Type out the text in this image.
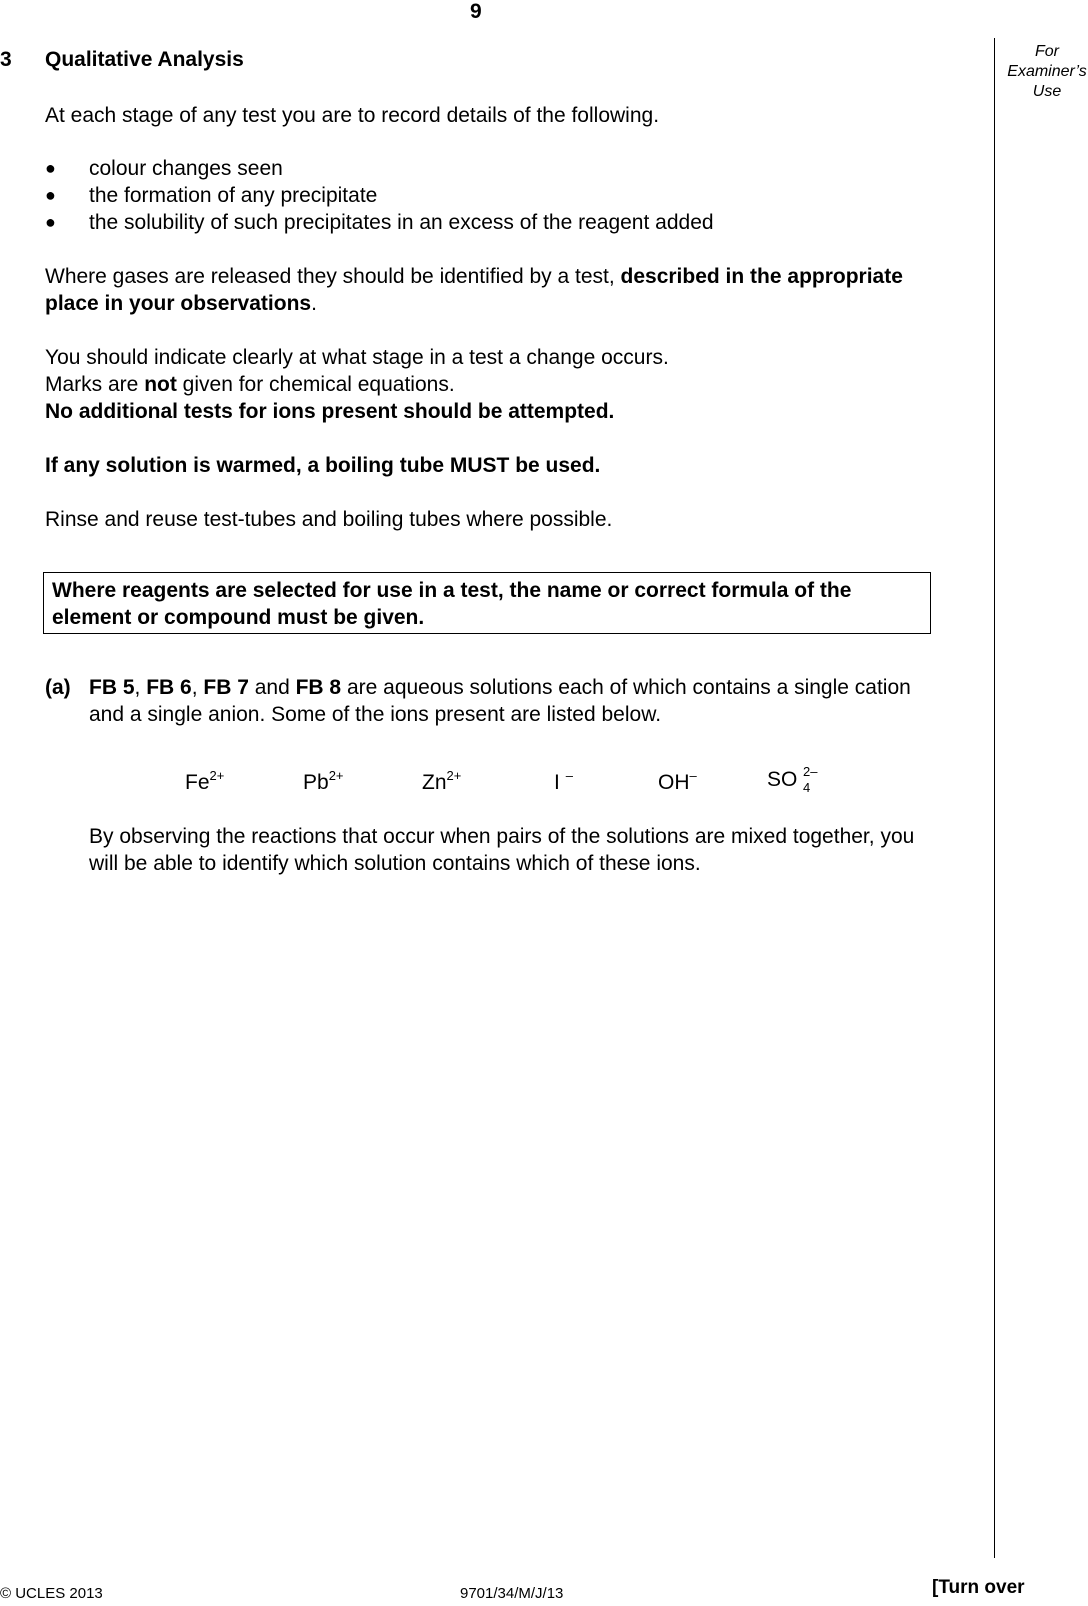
9
For
Examiner’s
Use
3 Qualitative Analysis
At each stage of any test you are to record details of the following.
● colour changes seen
● the formation of any precipitate
● the solubility of such precipitates in an excess of the reagent added
Where gases are released they should be identified by a test, described in the appropriate
place in your observations.
You should indicate clearly at what stage in a test a change occurs.
Marks are not given for chemical equations.
No additional tests for ions present should be attempted.
If any solution is warmed, a boiling tube MUST be used.
Rinse and reuse test-tubes and boiling tubes where possible.
Where reagents are selected for use in a test, the name or correct formula of the
element or compound must be given.
(a) FB 5, FB 6, FB 7 and FB 8 are aqueous solutions each of which contains a single cation
and a single anion. Some of the ions present are listed below.
$Fe^{2+}$	$Pb^{2+}$	$Zn^{2+}$	I –	OH–	SO 2–
4
By observing the reactions that occur when pairs of the solutions are mixed together, you
will be able to identify which solution contains which of these ions.
© UCLES 2013	9701/34/M/J/13	[Turn over
